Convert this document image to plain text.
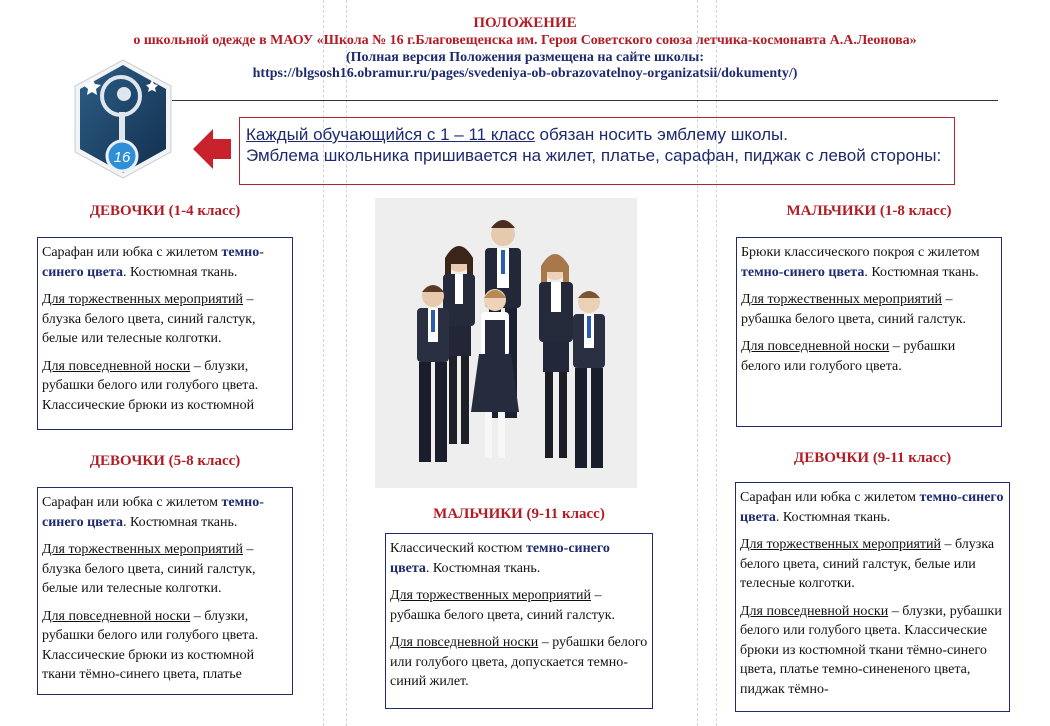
ПОЛОЖЕНИЕ
о школьной одежде в МАОУ «Школа № 16 г.Благовещенска им. Героя Советского союза летчика-космонавта А.А.Леонова»
(Полная версия Положения размещена на сайте школы:
https://blgsosh16.obramur.ru/pages/svedeniya-ob-obrazovatelnoy-organizatsii/dokumenty/)
16
Каждый обучающийся с 1 – 11 класс обязан носить эмблему школы.
Эмблема школьника пришивается на жилет, платье, сарафан, пиджак с левой стороны:
ДЕВОЧКИ (1-4 класс)

Сарафан или юбка с жилетом темно-синего цвета. Костюмная ткань.

Для торжественных мероприятий – блузка белого цвета, синий галстук, белые или телесные колготки.

Для повседневной носки – блузки, рубашки белого или голубого цвета. Классические брюки из костюмной

МАЛЬЧИКИ (1-8 класс)

Брюки классического покроя с жилетом темно-синего цвета. Костюмная ткань.

Для торжественных мероприятий – рубашка белого цвета, синий галстук.

Для повседневной носки – рубашки белого или голубого цвета.

ДЕВОЧКИ (5-8 класс)

Сарафан или юбка с жилетом темно-синего цвета. Костюмная ткань.

Для торжественных мероприятий – блузка белого цвета, синий галстук, белые или телесные колготки.

Для повседневной носки – блузки, рубашки белого или голубого цвета. Классические брюки из костюмной ткани тёмно-синего цвета, платье

МАЛЬЧИКИ (9-11 класс)

Классический костюм темно-синего цвета. Костюмная ткань.

Для торжественных мероприятий – рубашка белого цвета, синий галстук.

Для повседневной носки – рубашки белого или голубого цвета, допускается темно-синий жилет.

ДЕВОЧКИ (9-11 класс)

Сарафан или юбка с жилетом темно-синего цвета. Костюмная ткань.

Для торжественных мероприятий – блузка белого цвета, синий галстук, белые или телесные колготки.

Для повседневной носки – блузки, рубашки белого или голубого цвета. Классические брюки из костюмной ткани тёмно-синего цвета, платье темно-синененого цвета, пиджак тёмно-
